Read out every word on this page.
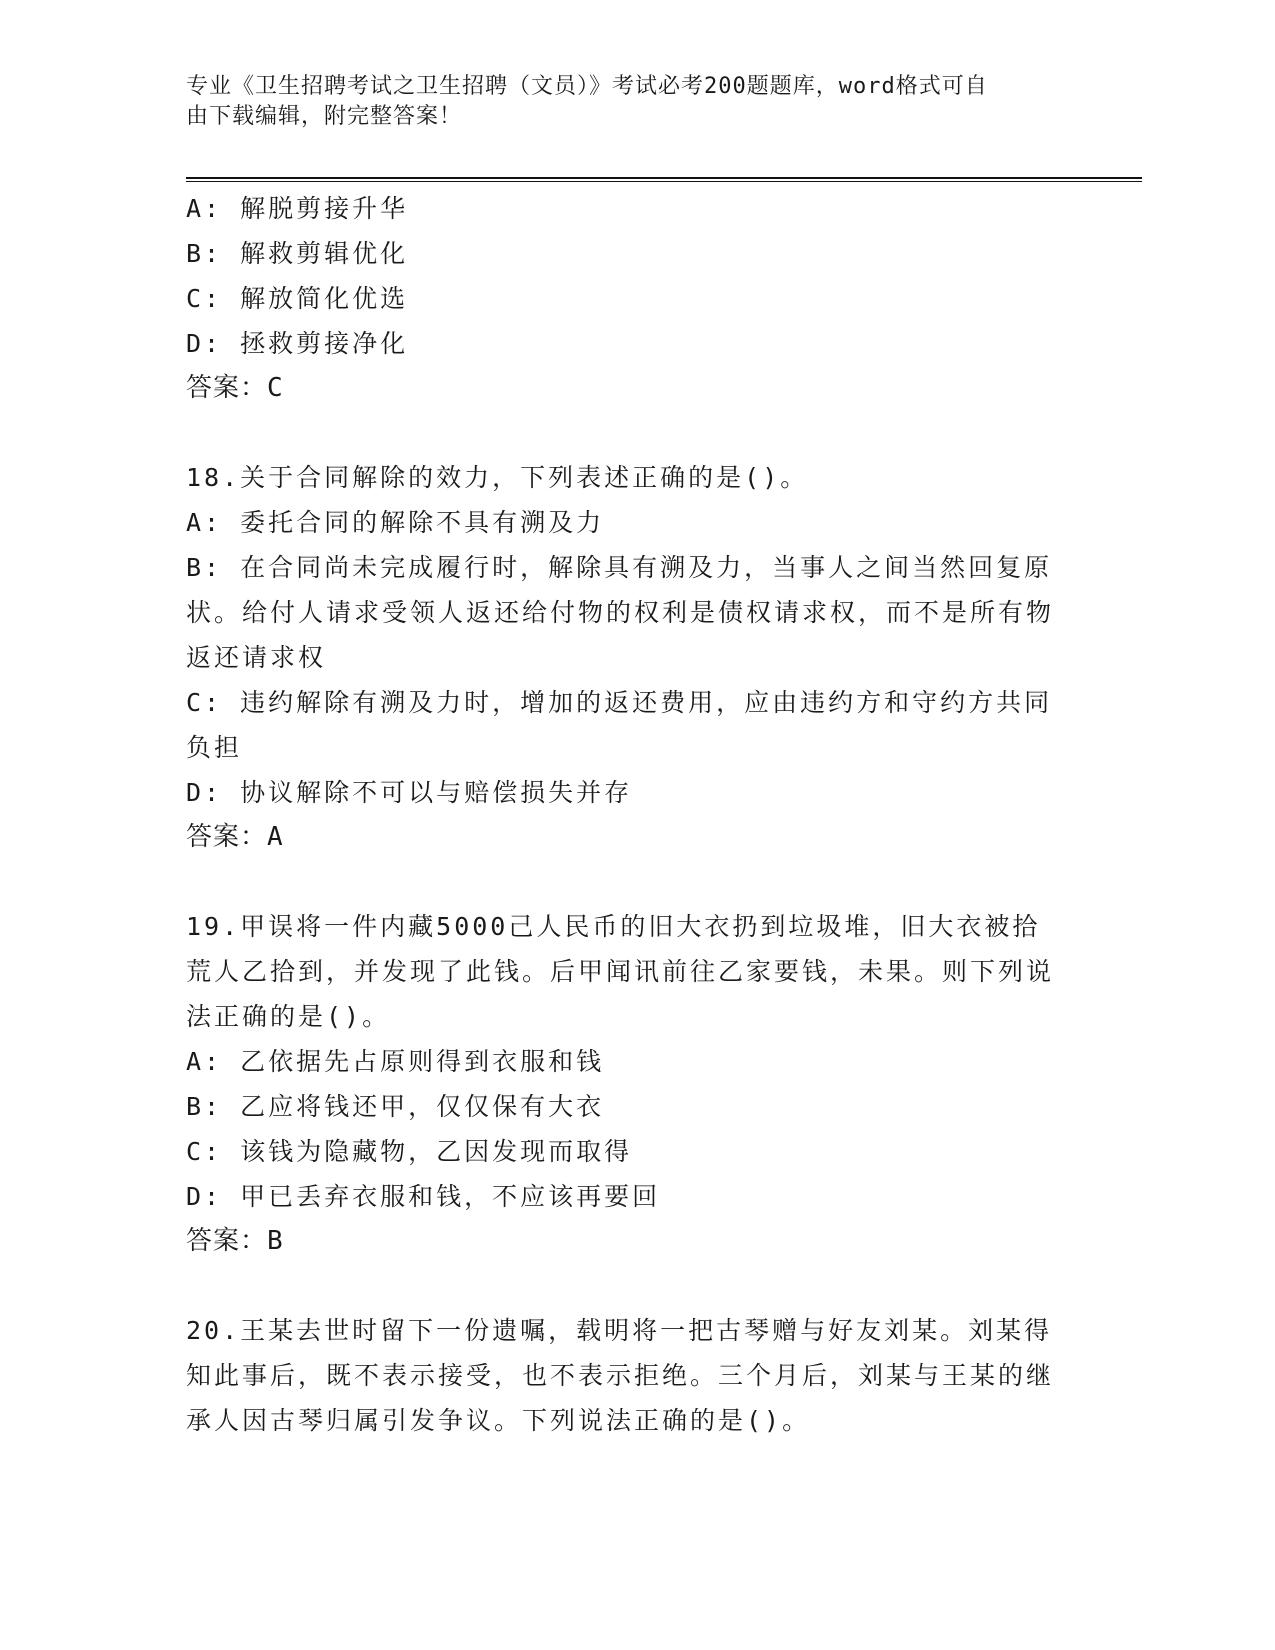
专业《卫生招聘考试之卫生招聘（文员）》考试必考200题题库，word格式可自
由下载编辑，附完整答案！

A: 解脱剪接升华

B: 解救剪辑优化

C: 解放简化优选

D: 拯救剪接净化

答案：C

18.关于合同解除的效力，下列表述正确的是()。

A: 委托合同的解除不具有溯及力

B: 在合同尚未完成履行时，解除具有溯及力，当事人之间当然回复原状。给付人请求受领人返还给付物的权利是债权请求权，而不是所有物返还请求权

C: 违约解除有溯及力时，增加的返还费用，应由违约方和守约方共同负担

D: 协议解除不可以与赔偿损失并存

答案：A

19.甲误将一件内藏5000己人民币的旧大衣扔到垃圾堆，旧大衣被拾荒人乙拾到，并发现了此钱。后甲闻讯前往乙家要钱，未果。则下列说法正确的是()。

A: 乙依据先占原则得到衣服和钱

B: 乙应将钱还甲，仅仅保有大衣

C: 该钱为隐藏物，乙因发现而取得

D: 甲已丢弃衣服和钱，不应该再要回

答案：B

20.王某去世时留下一份遗嘱，载明将一把古琴赠与好友刘某。刘某得知此事后，既不表示接受，也不表示拒绝。三个月后，刘某与王某的继承人因古琴归属引发争议。下列说法正确的是()。
